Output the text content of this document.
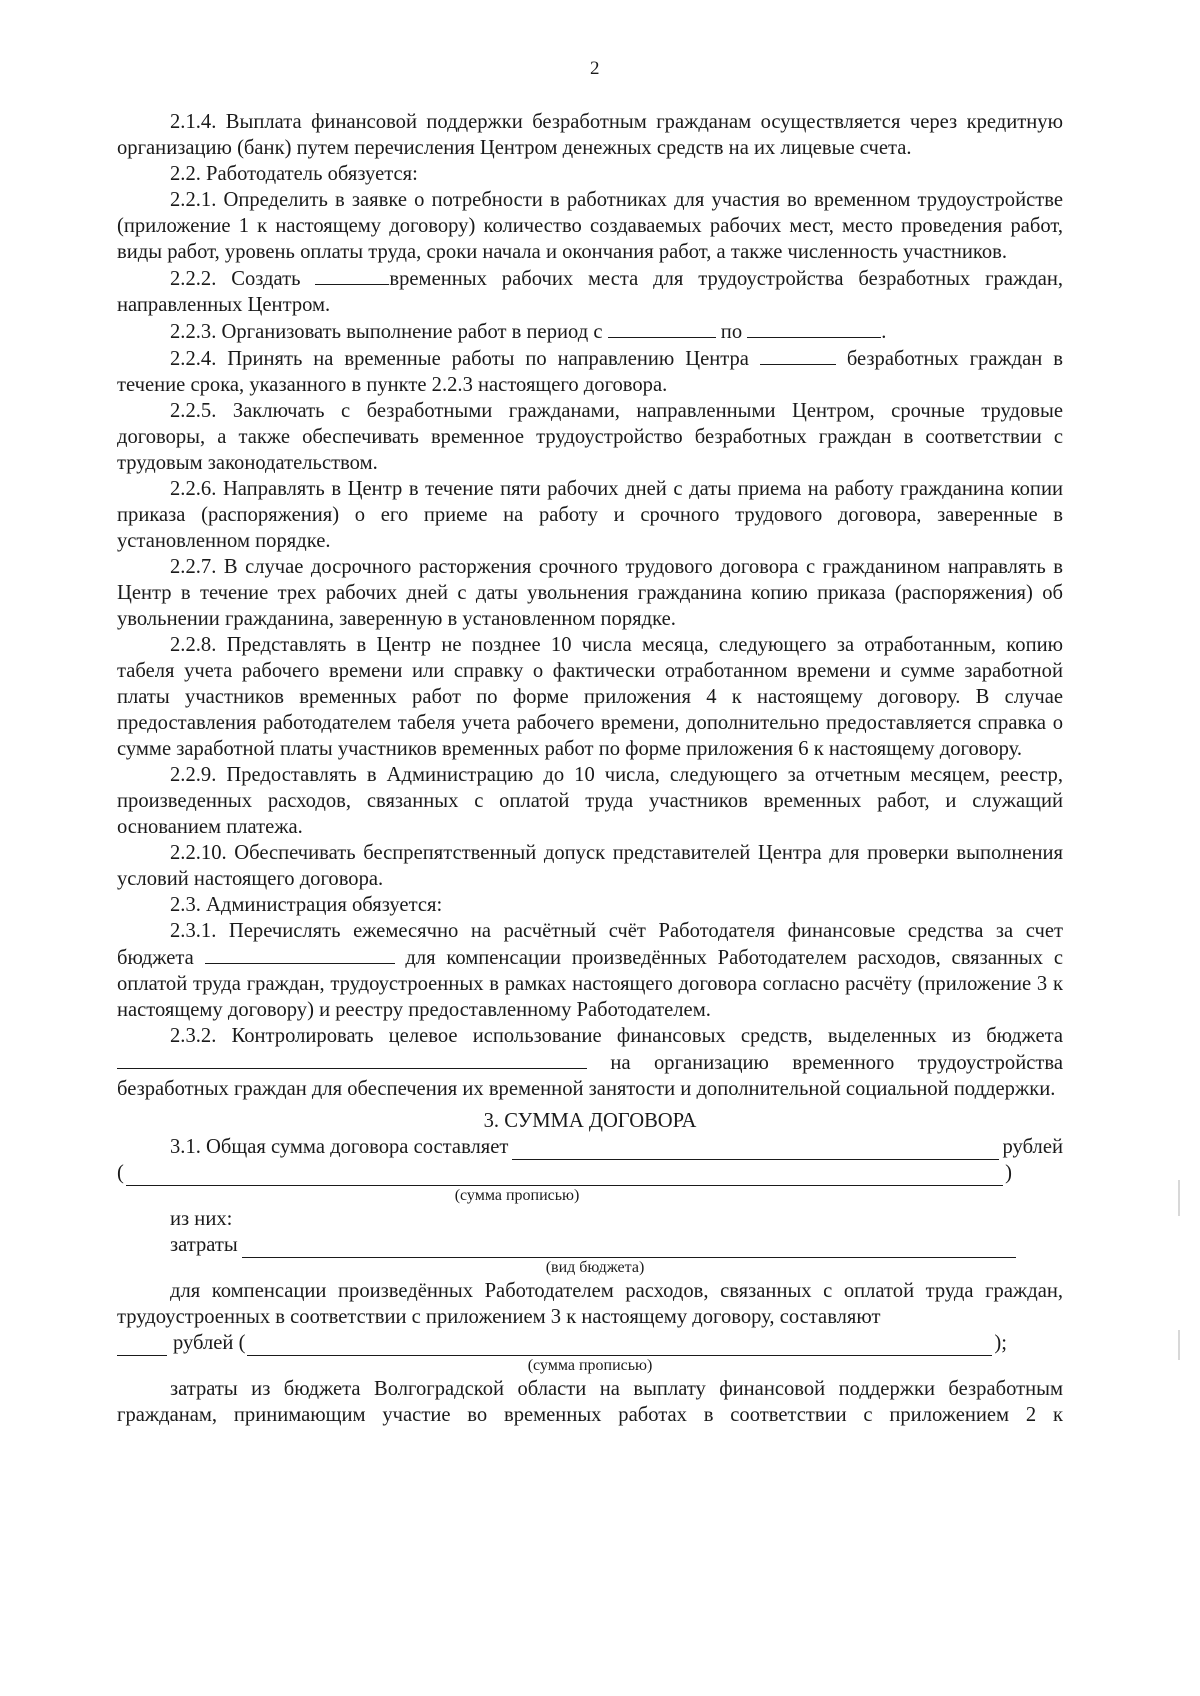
2

2.1.4. Выплата финансовой поддержки безработным гражданам осуществляется через кредитную организацию (банк) путем перечисления Центром денежных средств на их лицевые счета.

2.2. Работодатель обязуется:

2.2.1. Определить в заявке о потребности в работниках для участия во временном трудоустройстве (приложение 1 к настоящему договору) количество создаваемых рабочих мест, место проведения работ, виды работ, уровень оплаты труда, сроки начала и окончания работ, а также численность участников.

2.2.2. Создать	временных рабочих места для трудоустройства безработных граждан, направленных Центром.

2.2.3. Организовать выполнение работ в период с	по	.

2.2.4. Принять на временные работы по направлению Центра	безработных граждан в течение срока, указанного в пункте 2.2.3 настоящего договора.

2.2.5. Заключать с безработными гражданами, направленными Центром, срочные трудовые договоры, а также обеспечивать временное трудоустройство безработных граждан в соответствии с трудовым законодательством.

2.2.6. Направлять в Центр в течение пяти рабочих дней с даты приема на работу гражданина копии приказа (распоряжения) о его приеме на работу и срочного трудового договора, заверенные в установленном порядке.

2.2.7. В случае досрочного расторжения срочного трудового договора с гражданином направлять в Центр в течение трех рабочих дней с даты увольнения гражданина копию приказа (распоряжения) об увольнении гражданина, заверенную в установленном порядке.

2.2.8. Представлять в Центр не позднее 10 числа месяца, следующего за отработанным, копию табеля учета рабочего времени или справку о фактически отработанном времени и сумме заработной платы участников временных работ по форме приложения 4 к настоящему договору. В случае предоставления работодателем табеля учета рабочего времени, дополнительно предоставляется справка о сумме заработной платы участников временных работ по форме приложения 6 к настоящему договору.

2.2.9. Предоставлять в Администрацию до 10 числа, следующего за отчетным месяцем, реестр, произведенных расходов, связанных с оплатой труда участников временных работ, и служащий основанием платежа.

2.2.10. Обеспечивать беспрепятственный допуск представителей Центра для проверки выполнения условий настоящего договора.

2.3. Администрация обязуется:

2.3.1. Перечислять ежемесячно на расчётный счёт Работодателя финансовые средства за счет бюджета	для компенсации произведённых Работодателем расходов, связанных с оплатой труда граждан, трудоустроенных в рамках настоящего договора согласно расчёту (приложение 3 к настоящему договору) и реестру предоставленному Работодателем.

2.3.2. Контролировать целевое использование финансовых средств, выделенных из бюджета  на организацию временного трудоустройства безработных граждан для обеспечения их временной занятости и дополнительной социальной поддержки.

3. СУММА ДОГОВОРА
3.1. Общая сумма договора составляет	рублей
(	)
(сумма прописью)
из них:
затраты
(вид бюджета)

для компенсации произведённых Работодателем расходов, связанных с оплатой труда граждан, трудоустроенных в соответствии с приложением 3 к настоящему договору, составляют

рублей (	);
(сумма прописью)

затраты из бюджета Волгоградской области на выплату финансовой поддержки безработным гражданам, принимающим участие во временных работах в соответствии с приложением 2 к
